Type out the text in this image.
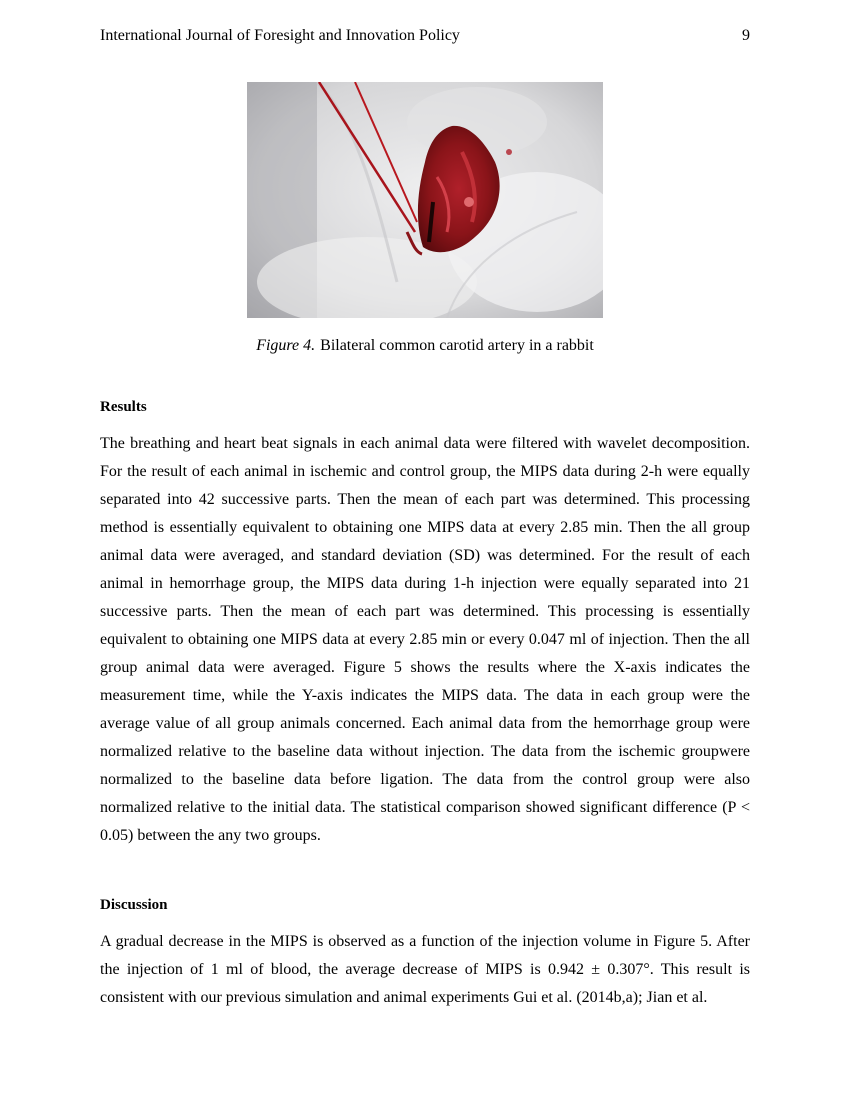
International Journal of Foresight and Innovation Policy	9
Figure 4. Bilateral common carotid artery in a rabbit
Results

The breathing and heart beat signals in each animal data were filtered with wavelet decomposition. For the result of each animal in ischemic and control group, the MIPS data during 2-h were equally separated into 42 successive parts. Then the mean of each part was determined. This processing method is essentially equivalent to obtaining one MIPS data at every 2.85 min. Then the all group animal data were averaged, and standard deviation (SD) was determined. For the result of each animal in hemorrhage group, the MIPS data during 1-h injection were equally separated into 21 successive parts. Then the mean of each part was determined. This processing is essentially equivalent to obtaining one MIPS data at every 2.85 min or every 0.047 ml of injection. Then the all group animal data were averaged. Figure 5 shows the results where the X-axis indicates the measurement time, while the Y-axis indicates the MIPS data. The data in each group were the average value of all group animals concerned. Each animal data from the hemorrhage group were normalized relative to the baseline data without injection. The data from the ischemic groupwere normalized to the baseline data before ligation. The data from the control group were also normalized relative to the initial data. The statistical comparison showed significant difference (P < 0.05) between the any two groups.

Discussion

A gradual decrease in the MIPS is observed as a function of the injection volume in Figure 5. After the injection of 1 ml of blood, the average decrease of MIPS is 0.942 ± 0.307°. This result is consistent with our previous simulation and animal experiments Gui et al. (2014b,a); Jian et al.
